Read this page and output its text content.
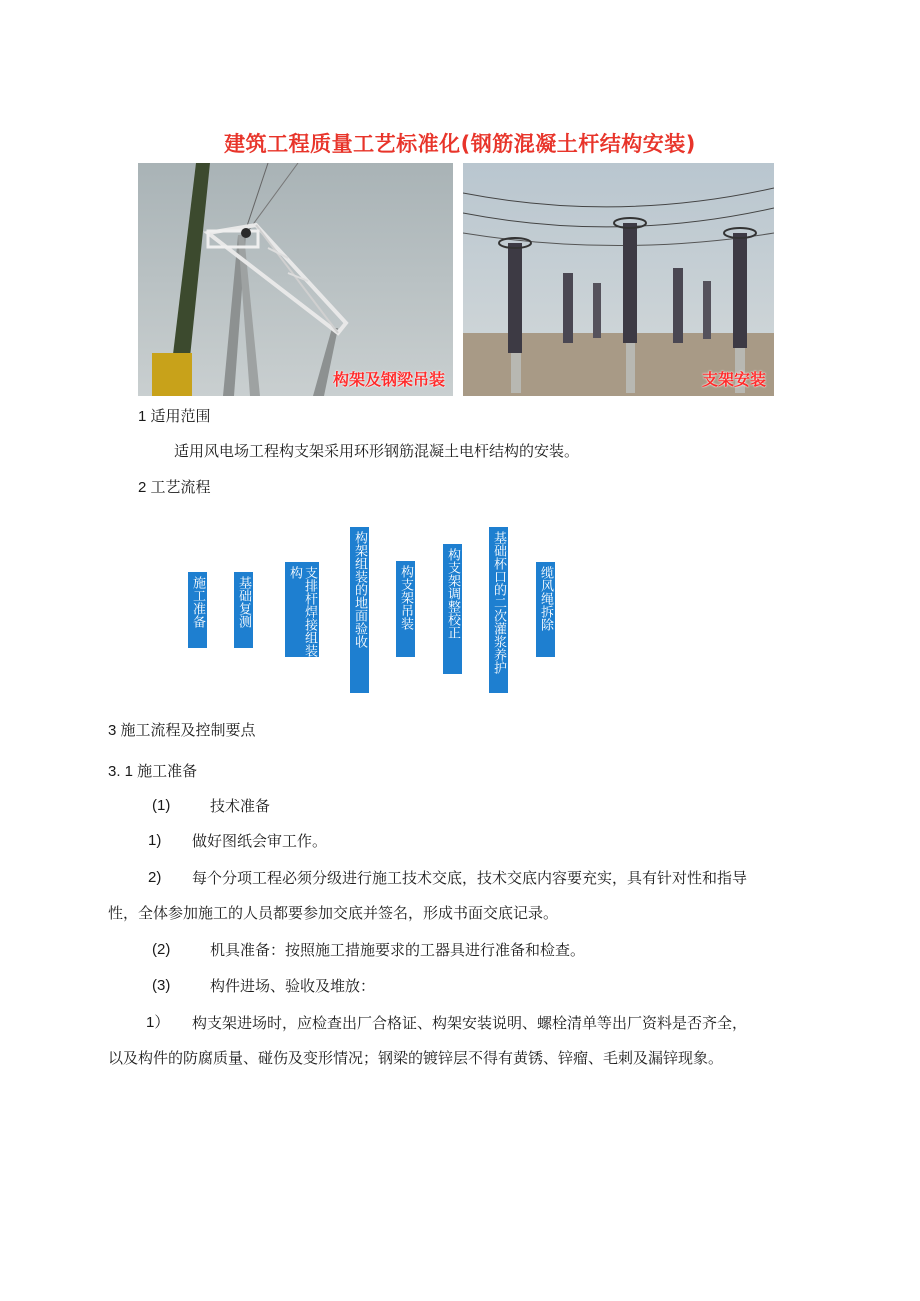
建筑工程质量工艺标准化(钢筋混凝土杆结构安装)
构架及钢梁吊装	支架安装
1 适用范围
适用风电场工程构支架采用环形钢筋混凝土电杆结构的安装。
2 工艺流程
施工准备 基础复测	支排杆焊接组装构	构架组装的地面验收 构支架吊装 构支架调整校正 基础杯口的二次灌浆养护 缆风绳拆除
3 施工流程及控制要点
3. 1 施工准备
(1)	技术准备
1) 做好图纸会审工作。
2) 每个分项工程必须分级进行施工技术交底，技术交底内容要充实，具有针对性和指导
性，全体参加施工的人员都要参加交底并签名，形成书面交底记录。
(2)	机具准备：按照施工措施要求的工器具进行准备和检查。
(3)	构件进场、验收及堆放：
1） 构支架进场时，应检查出厂合格证、构架安装说明、螺栓清单等出厂资料是否齐全，
以及构件的防腐质量、碰伤及变形情况；钢梁的镀锌层不得有黄锈、锌瘤、毛刺及漏锌现象。
